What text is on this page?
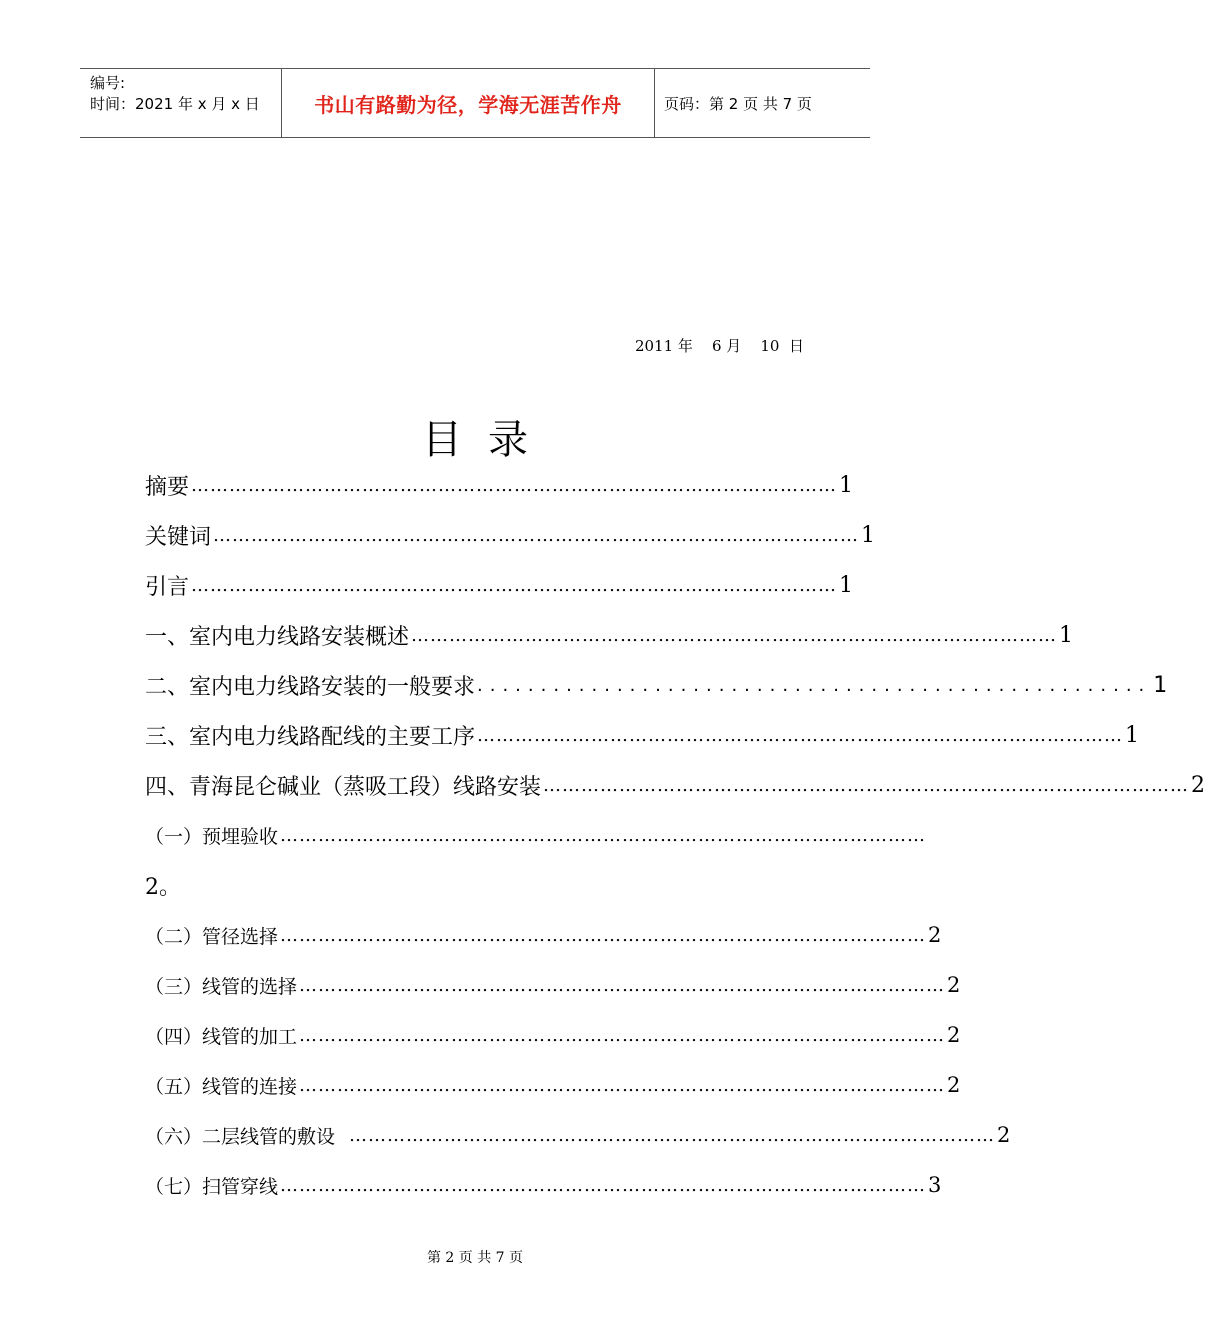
编号:
时间：2021 年 x 月 x 日	书山有路勤为径，学海无涯苦作舟	页码：第 2 页 共 7 页
2011 年    6 月    10  日
目录
摘要 ………………………………………………………………………………………… 1
关键词 ………………………………………………………………………………………… 1
引言 ………………………………………………………………………………………… 1
一、室内电力线路安装概述 ………………………………………………………………………………………… 1
二、室内电力线路安装的一般要求 ..................................................... 1
三、室内电力线路配线的主要工序 ………………………………………………………………………………………… 1
四、青海昆仑碱业（蒸吸工段）线路安装 ………………………………………………………………………………………… 2
（一）预埋验收 …………………………………………………………………………………………
2。
（二）管径选择 ………………………………………………………………………………………… 2
（三）线管的选择 ………………………………………………………………………………………… 2
（四）线管的加工 ………………………………………………………………………………………… 2
（五）线管的连接 ………………………………………………………………………………………… 2
（六）二层线管的敷设 ………………………………………………………………………………………… 2
（七）扫管穿线 ………………………………………………………………………………………… 3
第 2 页 共 7 页
